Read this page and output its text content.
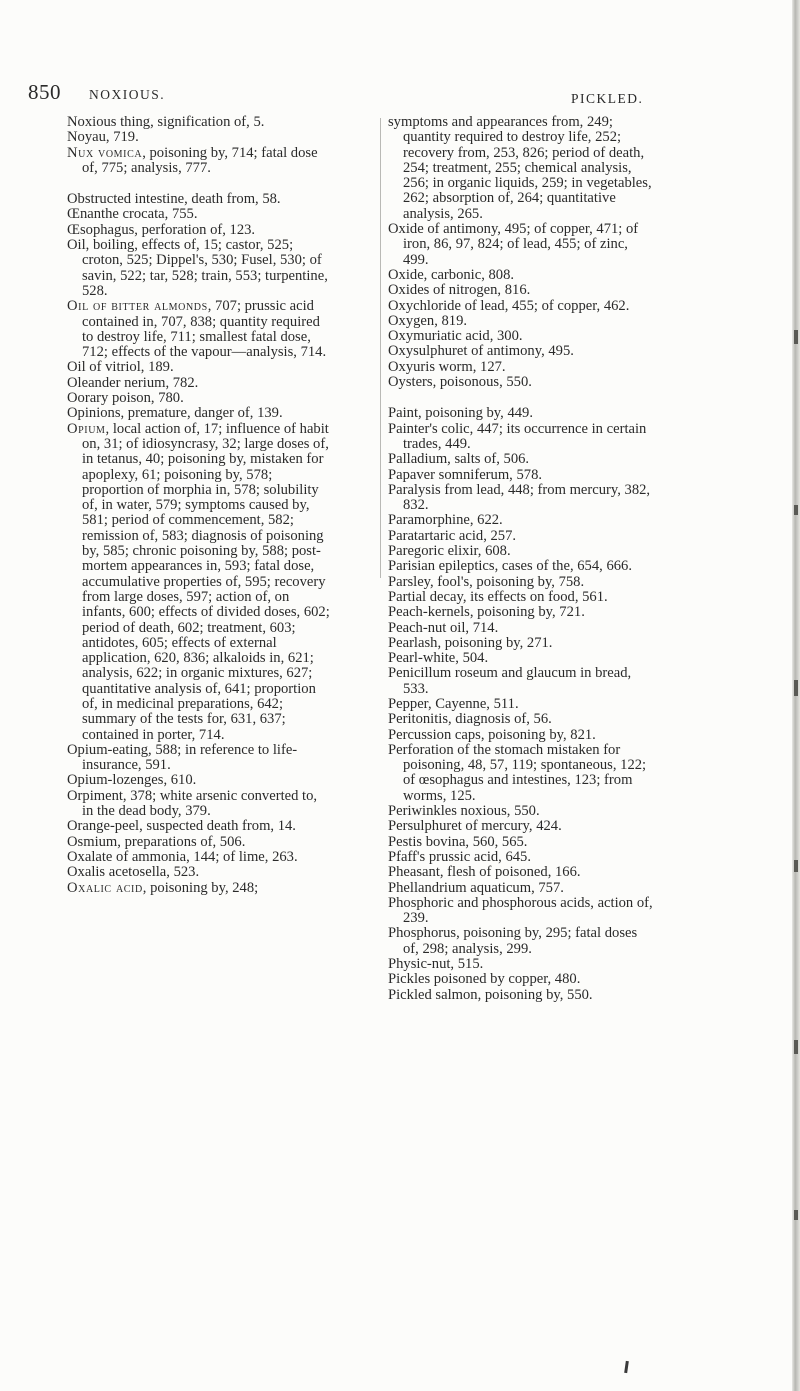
850 NOXIOUS.	PICKLED.

Noxious thing, signification of, 5.

Noyau, 719.

Nux vomica, poisoning by, 714; fatal dose of, 775; analysis, 777.

Obstructed intestine, death from, 58.

Œnanthe crocata, 755.

Œsophagus, perforation of, 123.

Oil, boiling, effects of, 15; castor, 525; croton, 525; Dippel's, 530; Fusel, 530; of savin, 522; tar, 528; train, 553; turpentine, 528.

Oil of bitter almonds, 707; prussic acid contained in, 707, 838; quantity required to destroy life, 711; smallest fatal dose, 712; effects of the vapour—analysis, 714.

Oil of vitriol, 189.

Oleander nerium, 782.

Oorary poison, 780.

Opinions, premature, danger of, 139.

Opium, local action of, 17; influence of habit on, 31; of idiosyncrasy, 32; large doses of, in tetanus, 40; poisoning by, mistaken for apoplexy, 61; poisoning by, 578; proportion of morphia in, 578; solubility of, in water, 579; symptoms caused by, 581; period of commencement, 582; remission of, 583; diagnosis of poisoning by, 585; chronic poisoning by, 588; post-mortem appearances in, 593; fatal dose, accumulative properties of, 595; recovery from large doses, 597; action of, on infants, 600; effects of divided doses, 602; period of death, 602; treatment, 603; antidotes, 605; effects of external application, 620, 836; alkaloids in, 621; analysis, 622; in organic mixtures, 627; quantitative analysis of, 641; proportion of, in medicinal preparations, 642; summary of the tests for, 631, 637; contained in porter, 714.

Opium-eating, 588; in reference to life-insurance, 591.

Opium-lozenges, 610.

Orpiment, 378; white arsenic converted to, in the dead body, 379.

Orange-peel, suspected death from, 14.

Osmium, preparations of, 506.

Oxalate of ammonia, 144; of lime, 263.

Oxalis acetosella, 523.

Oxalic acid, poisoning by, 248;

symptoms and appearances from, 249; quantity required to destroy life, 252; recovery from, 253, 826; period of death, 254; treatment, 255; chemical analysis, 256; in organic liquids, 259; in vegetables, 262; absorption of, 264; quantitative analysis, 265.

Oxide of antimony, 495; of copper, 471; of iron, 86, 97, 824; of lead, 455; of zinc, 499.

Oxide, carbonic, 808.

Oxides of nitrogen, 816.

Oxychloride of lead, 455; of copper, 462.

Oxygen, 819.

Oxymuriatic acid, 300.

Oxysulphuret of antimony, 495.

Oxyuris worm, 127.

Oysters, poisonous, 550.

Paint, poisoning by, 449.

Painter's colic, 447; its occurrence in certain trades, 449.

Palladium, salts of, 506.

Papaver somniferum, 578.

Paralysis from lead, 448; from mercury, 382, 832.

Paramorphine, 622.

Paratartaric acid, 257.

Paregoric elixir, 608.

Parisian epileptics, cases of the, 654, 666.

Parsley, fool's, poisoning by, 758.

Partial decay, its effects on food, 561.

Peach-kernels, poisoning by, 721.

Peach-nut oil, 714.

Pearlash, poisoning by, 271.

Pearl-white, 504.

Penicillum roseum and glaucum in bread, 533.

Pepper, Cayenne, 511.

Peritonitis, diagnosis of, 56.

Percussion caps, poisoning by, 821.

Perforation of the stomach mistaken for poisoning, 48, 57, 119; spontaneous, 122; of œsophagus and intestines, 123; from worms, 125.

Periwinkles noxious, 550.

Persulphuret of mercury, 424.

Pestis bovina, 560, 565.

Pfaff's prussic acid, 645.

Pheasant, flesh of poisoned, 166.

Phellandrium aquaticum, 757.

Phosphoric and phosphorous acids, action of, 239.

Phosphorus, poisoning by, 295; fatal doses of, 298; analysis, 299.

Physic-nut, 515.

Pickles poisoned by copper, 480.

Pickled salmon, poisoning by, 550.
